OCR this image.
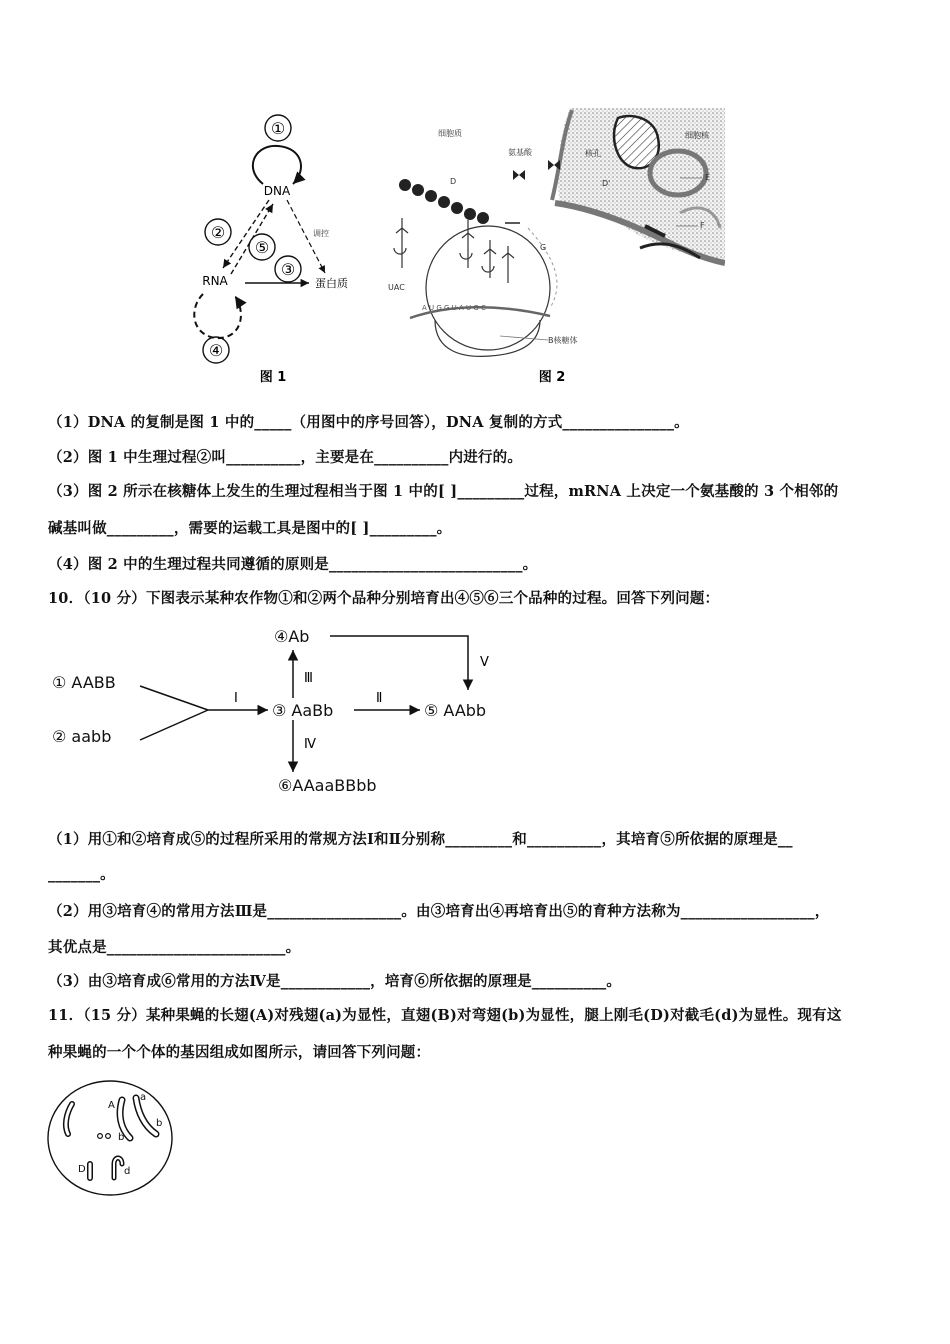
①
DNA
调控
②
⑤
③
RNA	蛋白质
④
图 1
细胞核
核孔
D'
E
F
细胞质
氨基酸
D
G
UAC
A U G G U A U G C
B核糖体
图 2
（1）DNA 的复制是图 1 中的_____（用图中的序号回答），DNA 复制的方式_______________。
（2）图 1 中生理过程②叫__________，主要是在__________内进行的。
（3）图 2 所示在核糖体上发生的生理过程相当于图 1 中的[ ]_________过程，mRNA 上决定一个氨基酸的 3 个相邻的
碱基叫做_________，需要的运载工具是图中的[ ]_________。
（4）图 2 中的生理过程共同遵循的原则是__________________________。
10．（10 分）下图表示某种农作物①和②两个品种分别培育出④⑤⑥三个品种的过程。回答下列问题：
① AABB
② aabb
③ AaBb
④Ab
⑤ AAbb
⑥AAaaBBbb
Ⅰ
Ⅲ
Ⅱ
Ⅳ
Ⅴ
（1）用①和②培育成⑤的过程所采用的常规方法Ⅰ和Ⅱ分别称_________和__________，其培育⑤所依据的原理是__
_______。
（2）用③培育④的常用方法Ⅲ是__________________。由③培育出④再培育出⑤的育种方法称为__________________，
其优点是________________________。
（3）由③培育成⑥常用的方法Ⅳ是____________，培育⑥所依据的原理是__________。
11．（15 分）某种果蝇的长翅(A)对残翅(a)为显性，直翅(B)对弯翅(b)为显性，腿上刚毛(D)对截毛(d)为显性。现有这
种果蝇的一个个体的基因组成如图所示，请回答下列问题：
A
a
b
b
D	d
